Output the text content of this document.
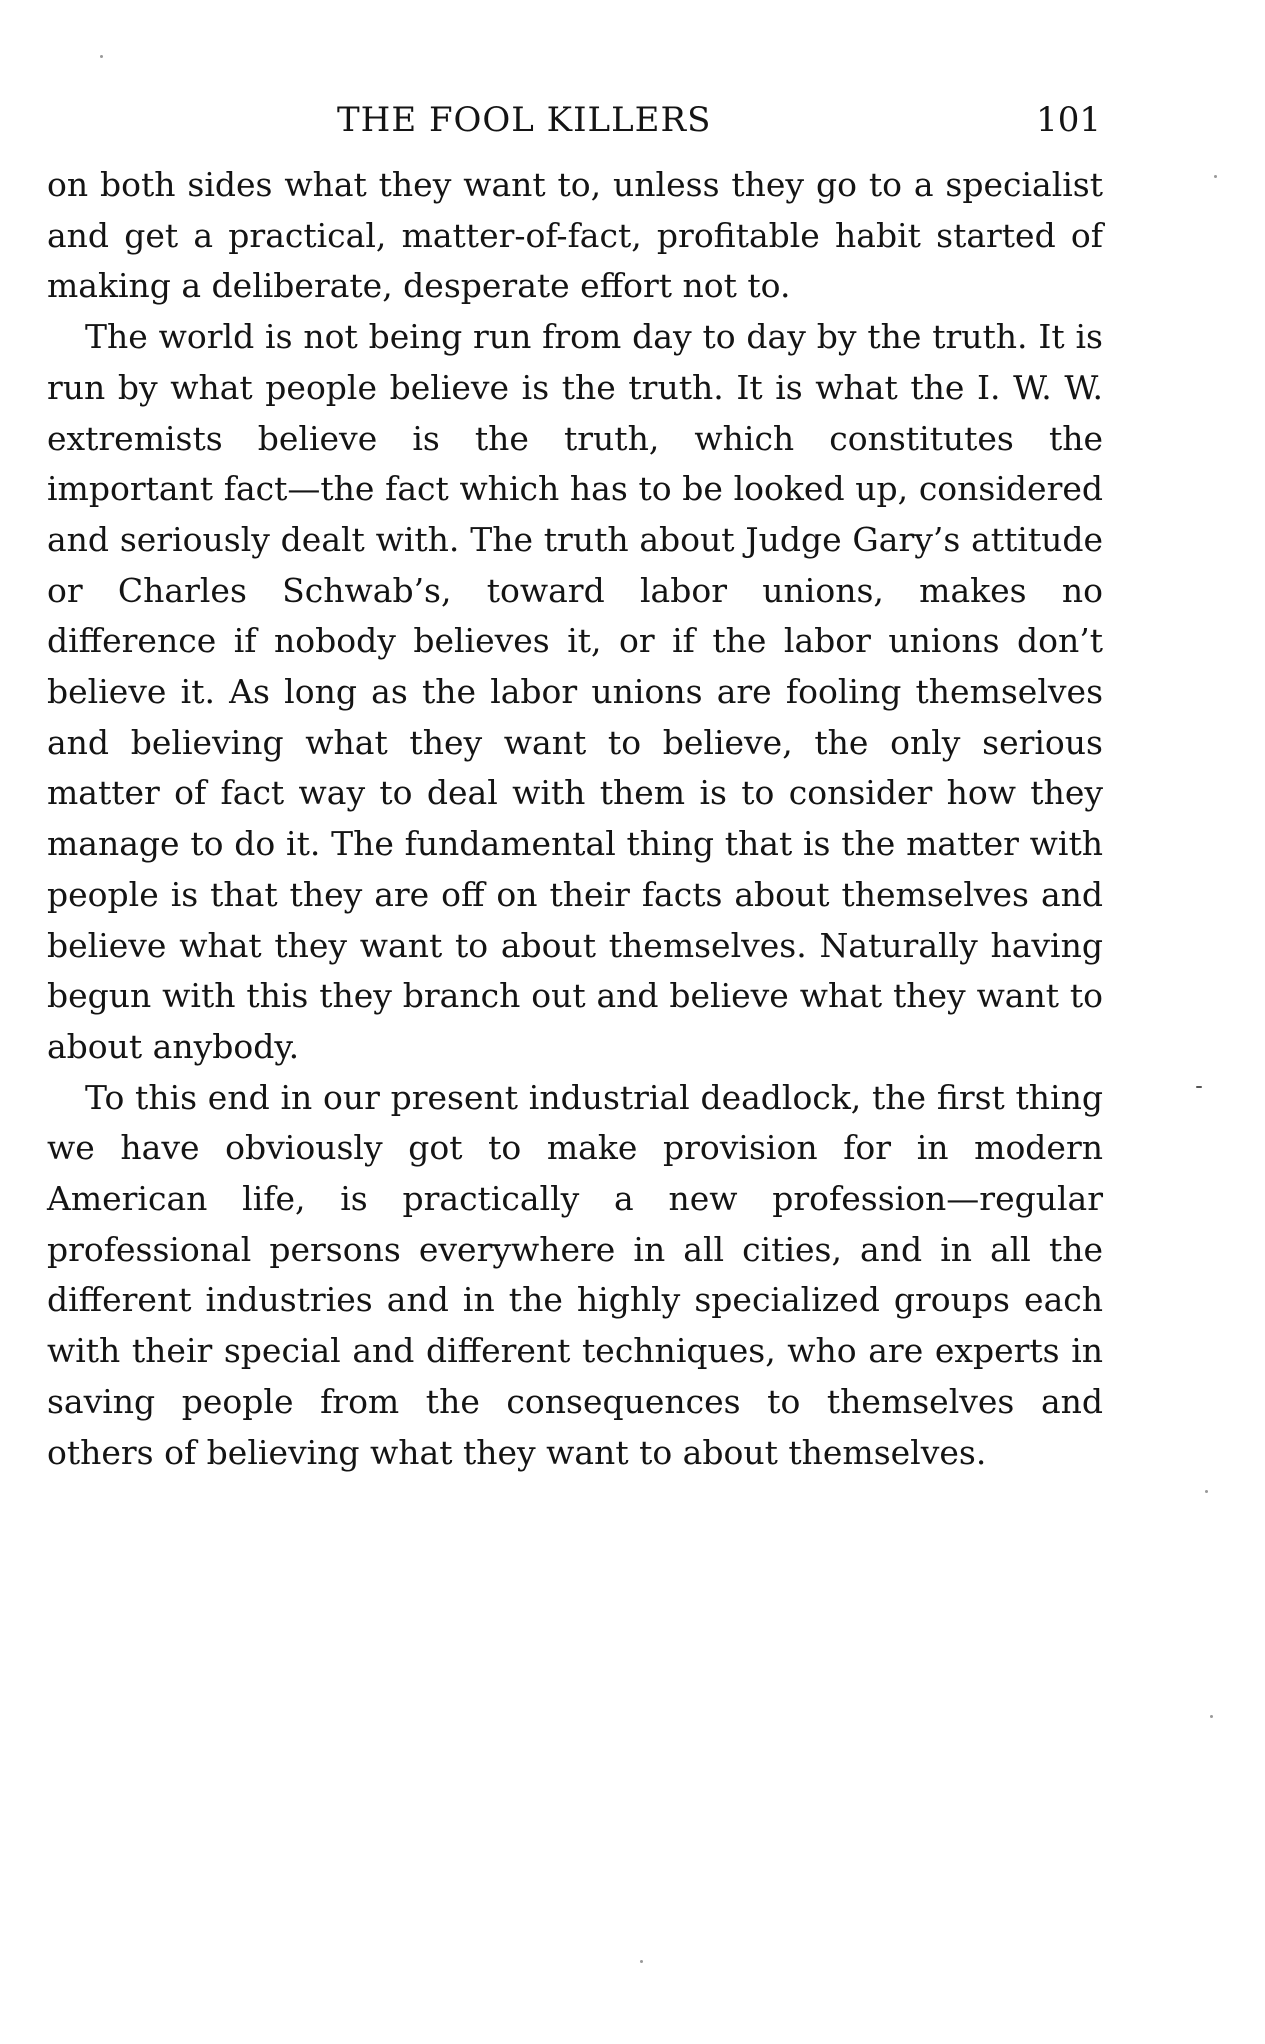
THE FOOL KILLERS	101

on both sides what they want to, unless they go to a specialist and get a practical, matter-of-fact, profitable habit started of making a deliberate, desperate effort not to.

The world is not being run from day to day by the truth. It is run by what people believe is the truth. It is what the I. W. W. extremists believe is the truth, which constitutes the important fact—the fact which has to be looked up, considered and seriously dealt with. The truth about Judge Gary’s attitude or Charles Schwab’s, toward labor unions, makes no difference if nobody believes it, or if the labor unions don’t believe it. As long as the labor unions are fooling themselves and believing what they want to believe, the only serious matter of fact way to deal with them is to consider how they manage to do it. The fundamental thing that is the matter with people is that they are off on their facts about themselves and believe what they want to about themselves. Naturally having begun with this they branch out and believe what they want to about anybody.

To this end in our present industrial deadlock, the first thing we have obviously got to make provision for in modern American life, is practically a new profession—regular professional persons everywhere in all cities, and in all the different industries and in the highly specialized groups each with their special and different techniques, who are experts in saving people from the consequences to themselves and others of believing what they want to about themselves.
